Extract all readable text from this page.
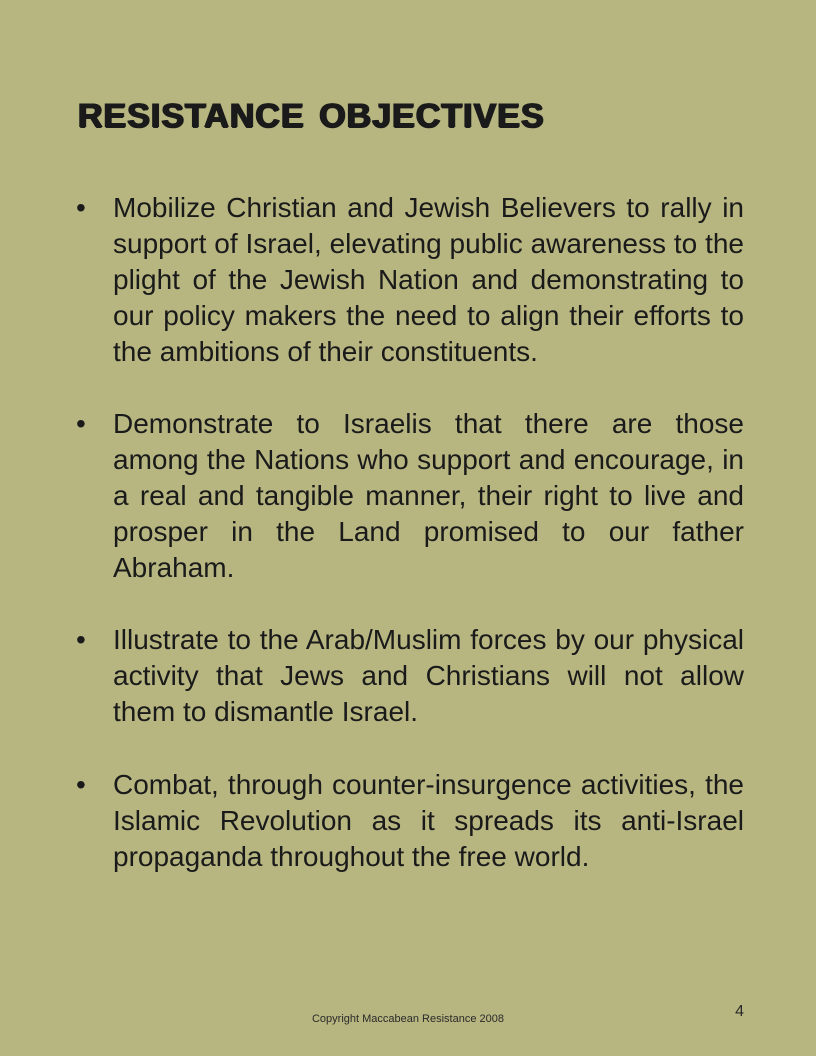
resistance objectives
• Mobilize Christian and Jewish Believers to rally in support of Israel, elevating public awareness to the plight of the Jewish Nation and demonstrating to our policy makers the need to align their efforts to the ambitions of their constituents.
• Demonstrate to Israelis that there are those among the Nations who support and encourage, in a real and tangible manner, their right to live and prosper in the Land promised to our father Abraham.
• Illustrate to the Arab/Muslim forces by our physical activity that Jews and Christians will not allow them to dismantle Israel.
• Combat, through counter-insurgence activities, the Islamic Revolution as it spreads its anti-Israel propaganda throughout the free world.
Copyright Maccabean Resistance 2008	4
